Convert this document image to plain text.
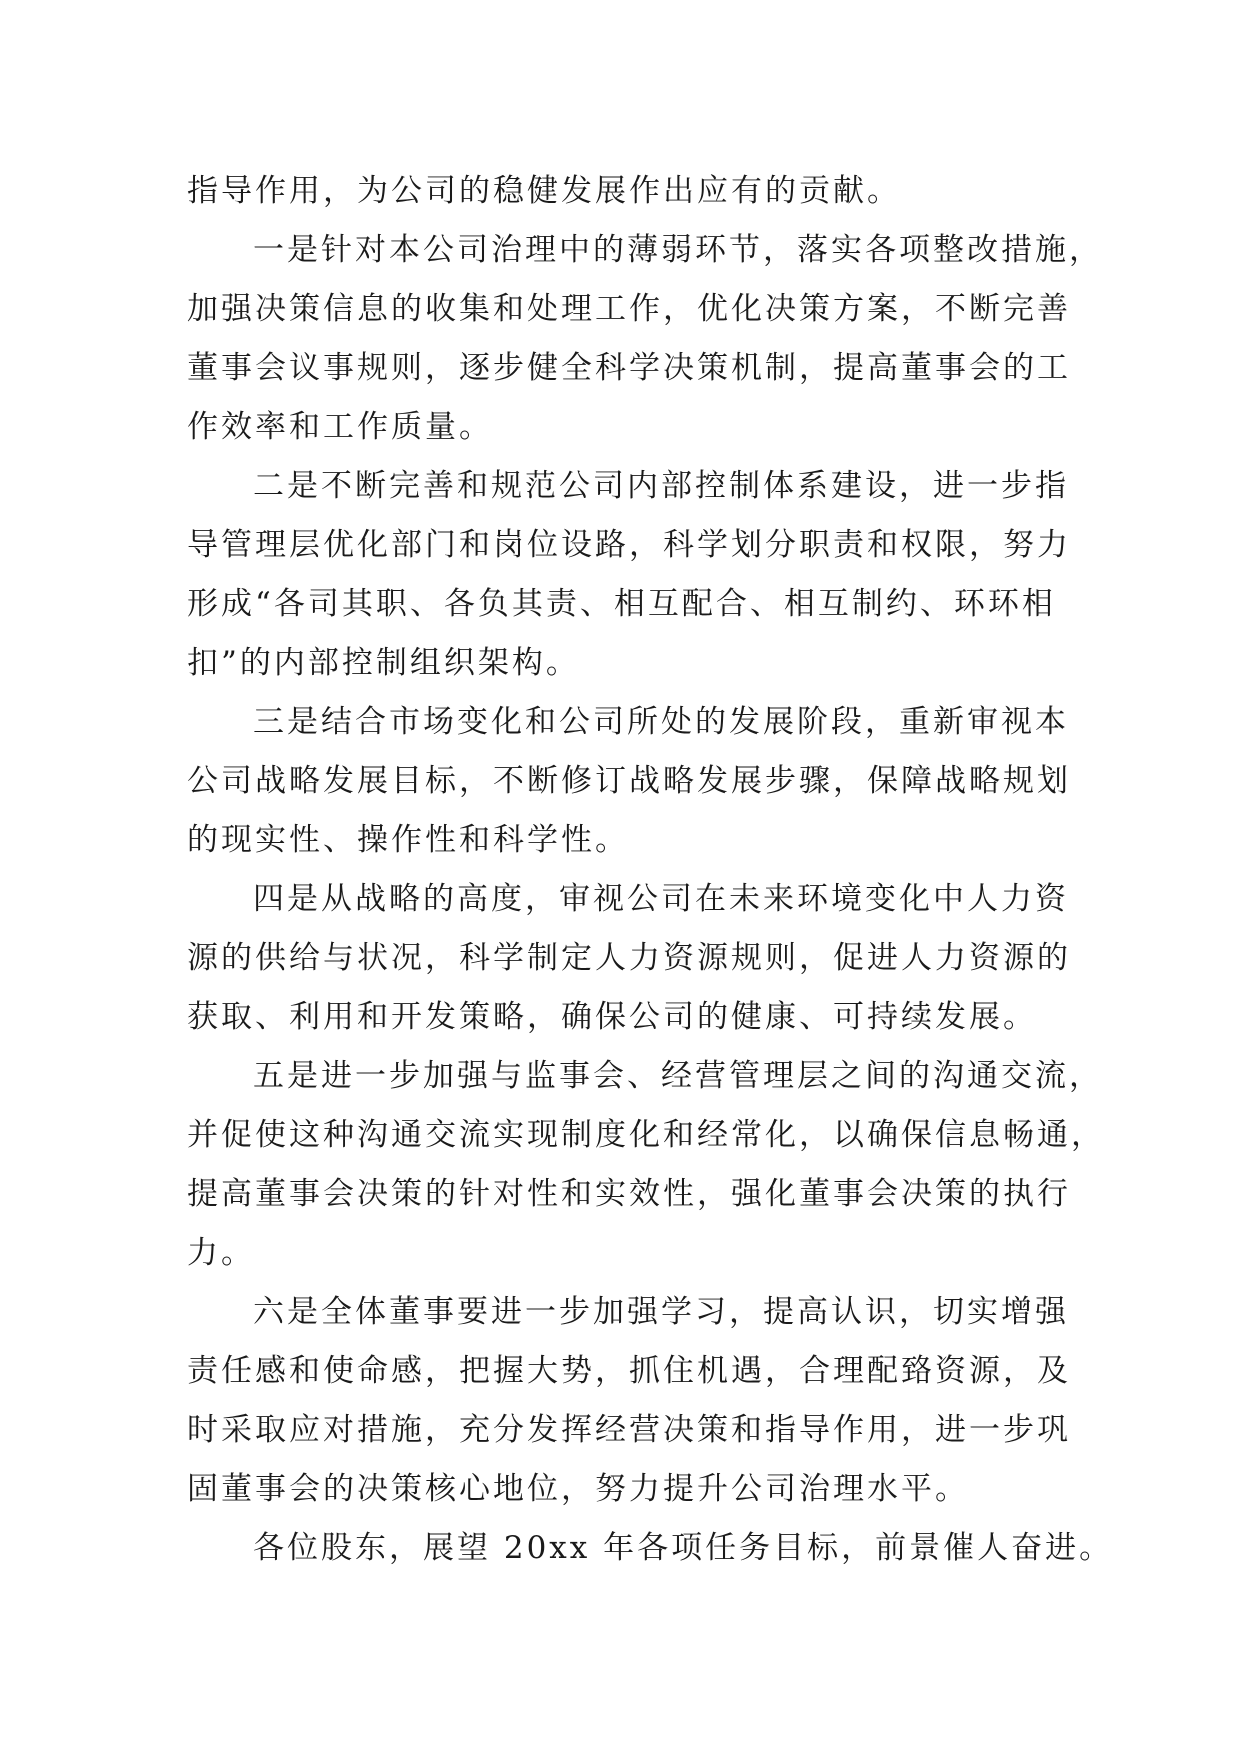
指导作用，为公司的稳健发展作出应有的贡献。

一是针对本公司治理中的薄弱环节，落实各项整改措施，
加强决策信息的收集和处理工作，优化决策方案，不断完善
董事会议事规则，逐步健全科学决策机制，提高董事会的工
作效率和工作质量。

二是不断完善和规范公司内部控制体系建设，进一步指
导管理层优化部门和岗位设路，科学划分职责和权限，努力
形成“各司其职、各负其责、相互配合、相互制约、环环相
扣”的内部控制组织架构。

三是结合市场变化和公司所处的发展阶段，重新审视本
公司战略发展目标，不断修订战略发展步骤，保障战略规划
的现实性、操作性和科学性。

四是从战略的高度，审视公司在未来环境变化中人力资
源的供给与状况，科学制定人力资源规则，促进人力资源的
获取、利用和开发策略，确保公司的健康、可持续发展。

五是进一步加强与监事会、经营管理层之间的沟通交流，
并促使这种沟通交流实现制度化和经常化，以确保信息畅通，
提高董事会决策的针对性和实效性，强化董事会决策的执行
力。

六是全体董事要进一步加强学习，提高认识，切实增强
责任感和使命感，把握大势，抓住机遇，合理配臵资源，及
时采取应对措施，充分发挥经营决策和指导作用，进一步巩
固董事会的决策核心地位，努力提升公司治理水平。

各位股东，展望 20xx 年各项任务目标，前景催人奋进。
